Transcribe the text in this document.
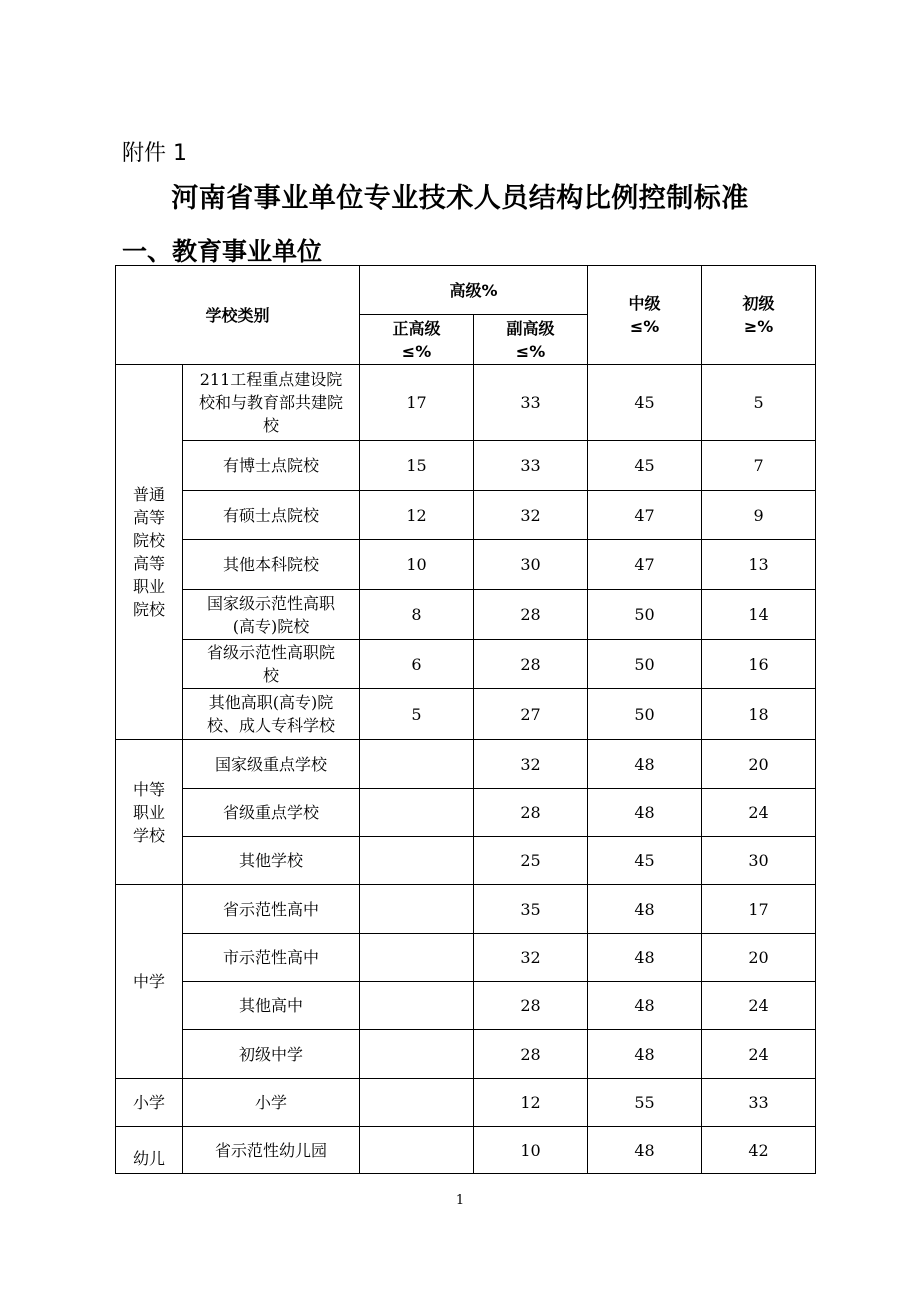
附件 1
河南省事业单位专业技术人员结构比例控制标准
一、教育事业单位
学校类别		高级%		中级≤%	初级≥%

		正高级≤%	副高级≤%		

普通高等院校高等职业院校	211工程重点建设院校和与教育部共建院校	17	33	45	5
	有博士点院校	15	33	45	7
	有硕士点院校	12	32	47	9
	其他本科院校	10	30	47	13

	国家级示范性高职(高专)院校	8	28	50	14

	省级示范性高职院校	6	28	50	16

	其他高职(高专)院校、成人专科学校	5	27	50	18

中等职业学校	国家级重点学校		32	48	20
	省级重点学校		28	48	24
	其他学校		25	45	30
中学	省示范性高中		35	48	17
	市示范性高中		32	48	20
	其他高中		28	48	24
	初级中学		28	48	24
小学	小学		12	55	33
幼儿	省示范性幼儿园		10	48	42
1
